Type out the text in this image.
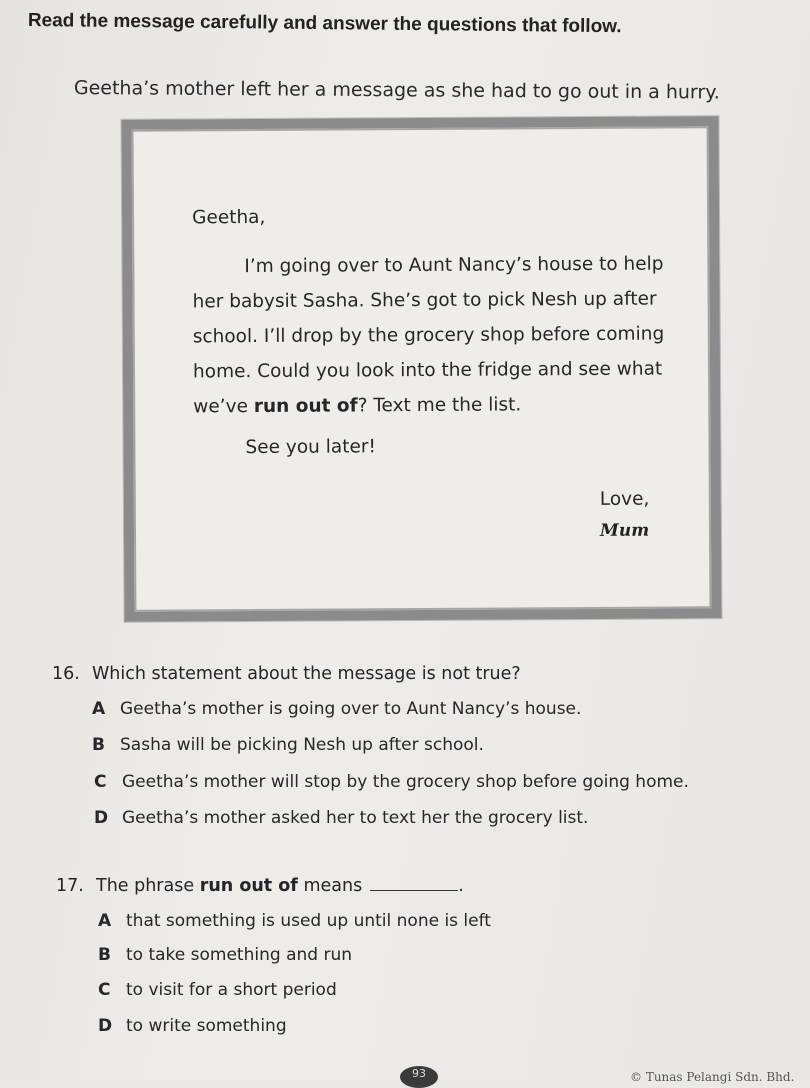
Read the message carefully and answer the questions that follow.
Geetha’s mother left her a message as she had to go out in a hurry.
Geetha,
I’m going over to Aunt Nancy’s house to help
her babysit Sasha. She’s got to pick Nesh up after
school. I’ll drop by the grocery shop before coming
home. Could you look into the fridge and see what
we’ve run out of? Text me the list.
See you later!
Love,
Mum
16. Which statement about the message is not true?
A Geetha’s mother is going over to Aunt Nancy’s house.
B Sasha will be picking Nesh up after school.
C Geetha’s mother will stop by the grocery shop before going home.
D Geetha’s mother asked her to text her the grocery list.
17. The phrase run out of means	.
A that something is used up until none is left
B to take something and run
C to visit for a short period
D to write something
93	© Tunas Pelangi Sdn. Bhd.
